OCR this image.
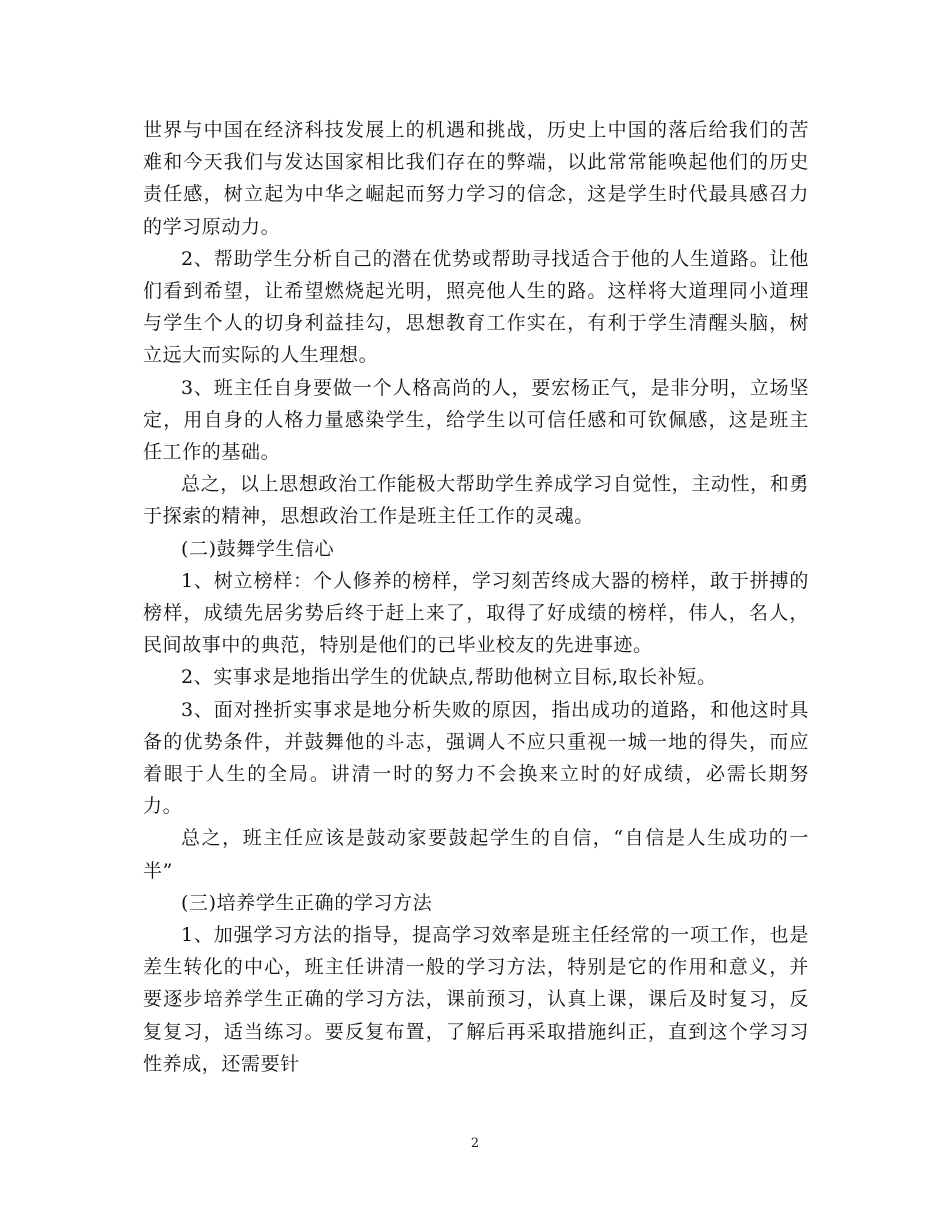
世界与中国在经济科技发展上的机遇和挑战，历史上中国的落后给我们的苦难和今天我们与发达国家相比我们存在的弊端，以此常常能唤起他们的历史责任感，树立起为中华之崛起而努力学习的信念，这是学生时代最具感召力的学习原动力。

2、帮助学生分析自己的潜在优势或帮助寻找适合于他的人生道路。让他们看到希望，让希望燃烧起光明，照亮他人生的路。这样将大道理同小道理与学生个人的切身利益挂勾，思想教育工作实在，有利于学生清醒头脑，树立远大而实际的人生理想。

3、班主任自身要做一个人格高尚的人，要宏杨正气，是非分明，立场坚定，用自身的人格力量感染学生，给学生以可信任感和可钦佩感，这是班主任工作的基础。

总之，以上思想政治工作能极大帮助学生养成学习自觉性，主动性，和勇于探索的精神，思想政治工作是班主任工作的灵魂。

(二)鼓舞学生信心

1、树立榜样：个人修养的榜样，学习刻苦终成大器的榜样，敢于拼搏的榜样，成绩先居劣势后终于赶上来了，取得了好成绩的榜样，伟人，名人，民间故事中的典范，特别是他们的已毕业校友的先进事迹。

2、实事求是地指出学生的优缺点,帮助他树立目标,取长补短。

3、面对挫折实事求是地分析失败的原因，指出成功的道路，和他这时具备的优势条件，并鼓舞他的斗志，强调人不应只重视一城一地的得失，而应着眼于人生的全局。讲清一时的努力不会换来立时的好成绩，必需长期努力。

总之，班主任应该是鼓动家要鼓起学生的自信，“自信是人生成功的一半”

(三)培养学生正确的学习方法

1、加强学习方法的指导，提高学习效率是班主任经常的一项工作，也是差生转化的中心，班主任讲清一般的学习方法，特别是它的作用和意义，并要逐步培养学生正确的学习方法，课前预习，认真上课，课后及时复习，反复复习，适当练习。要反复布置，了解后再采取措施纠正，直到这个学习习性养成，还需要针

2
